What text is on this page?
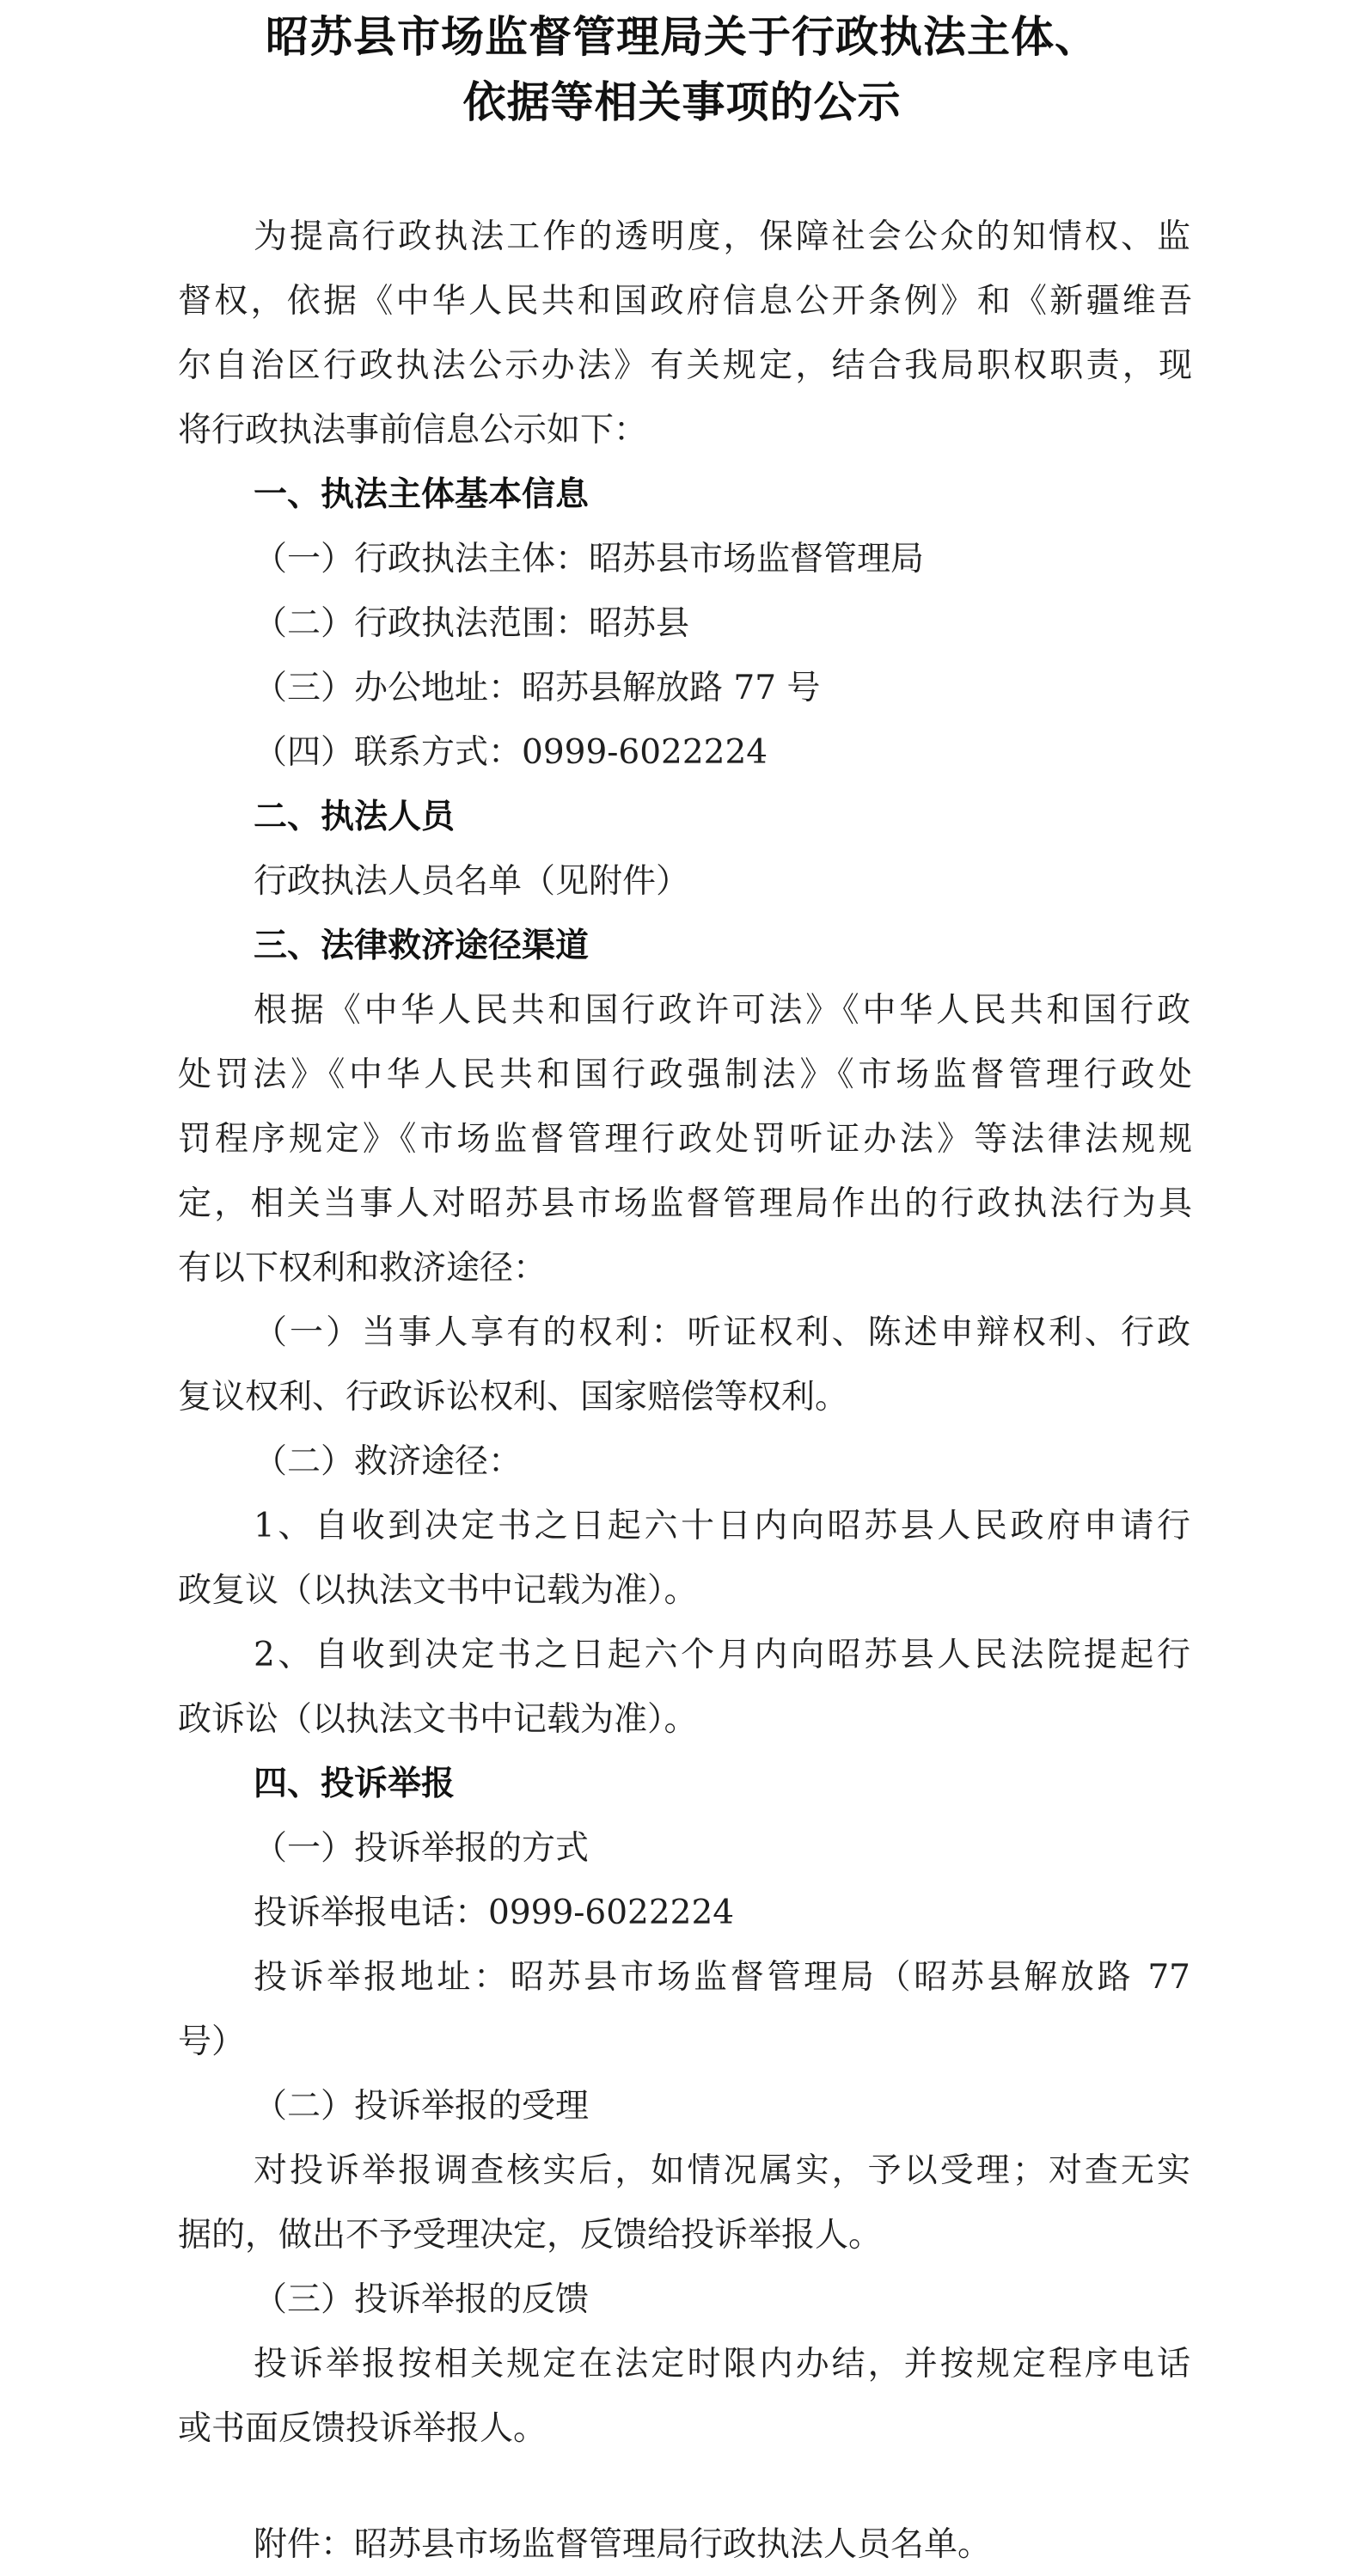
昭苏县市场监督管理局关于行政执法主体、
依据等相关事项的公示
为提高行政执法工作的透明度，保障社会公众的知情权、监
督权，依据《中华人民共和国政府信息公开条例》和《新疆维吾
尔自治区行政执法公示办法》有关规定，结合我局职权职责，现
将行政执法事前信息公示如下：
一、执法主体基本信息
（一）行政执法主体：昭苏县市场监督管理局
（二）行政执法范围：昭苏县
（三）办公地址：昭苏县解放路 77 号
（四）联系方式：0999-6022224
二、执法人员
行政执法人员名单（见附件）
三、法律救济途径渠道
根据《中华人民共和国行政许可法》《中华人民共和国行政
处罚法》《中华人民共和国行政强制法》《市场监督管理行政处
罚程序规定》《市场监督管理行政处罚听证办法》等法律法规规
定，相关当事人对昭苏县市场监督管理局作出的行政执法行为具
有以下权利和救济途径：
（一）当事人享有的权利：听证权利、陈述申辩权利、行政
复议权利、行政诉讼权利、国家赔偿等权利。
（二）救济途径：
1、自收到决定书之日起六十日内向昭苏县人民政府申请行
政复议（以执法文书中记载为准）。
2、自收到决定书之日起六个月内向昭苏县人民法院提起行
政诉讼（以执法文书中记载为准）。
四、投诉举报
（一）投诉举报的方式
投诉举报电话：0999-6022224
投诉举报地址：昭苏县市场监督管理局（昭苏县解放路 77
号）
（二）投诉举报的受理
对投诉举报调查核实后，如情况属实，予以受理；对查无实
据的，做出不予受理决定，反馈给投诉举报人。
（三）投诉举报的反馈
投诉举报按相关规定在法定时限内办结，并按规定程序电话
或书面反馈投诉举报人。
附件：昭苏县市场监督管理局行政执法人员名单。
